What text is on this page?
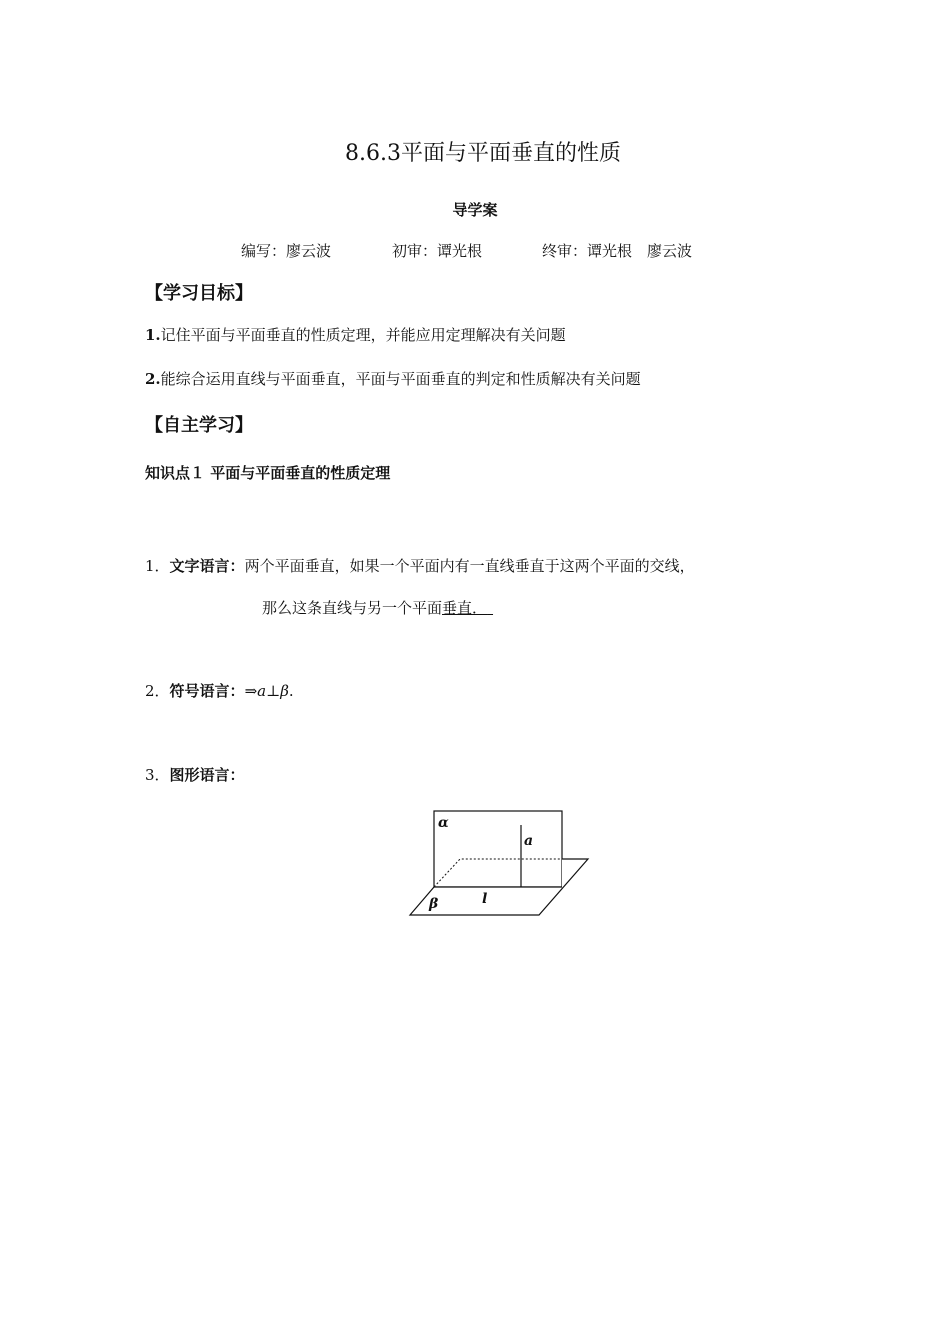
8.6.3平面与平面垂直的性质
导学案
编写：廖云波	初审：谭光根	终审：谭光根　廖云波
【学习目标】
1.记住平面与平面垂直的性质定理，并能应用定理解决有关问题
2.能综合运用直线与平面垂直，平面与平面垂直的判定和性质解决有关问题
【自主学习】
知识点１ 平面与平面垂直的性质定理
1．文字语言：两个平面垂直，如果一个平面内有一直线垂直于这两个平面的交线，
那么这条直线与另一个平面垂直．  
2．符号语言：⇒a⊥β.
3．图形语言：
α
a
β	l
